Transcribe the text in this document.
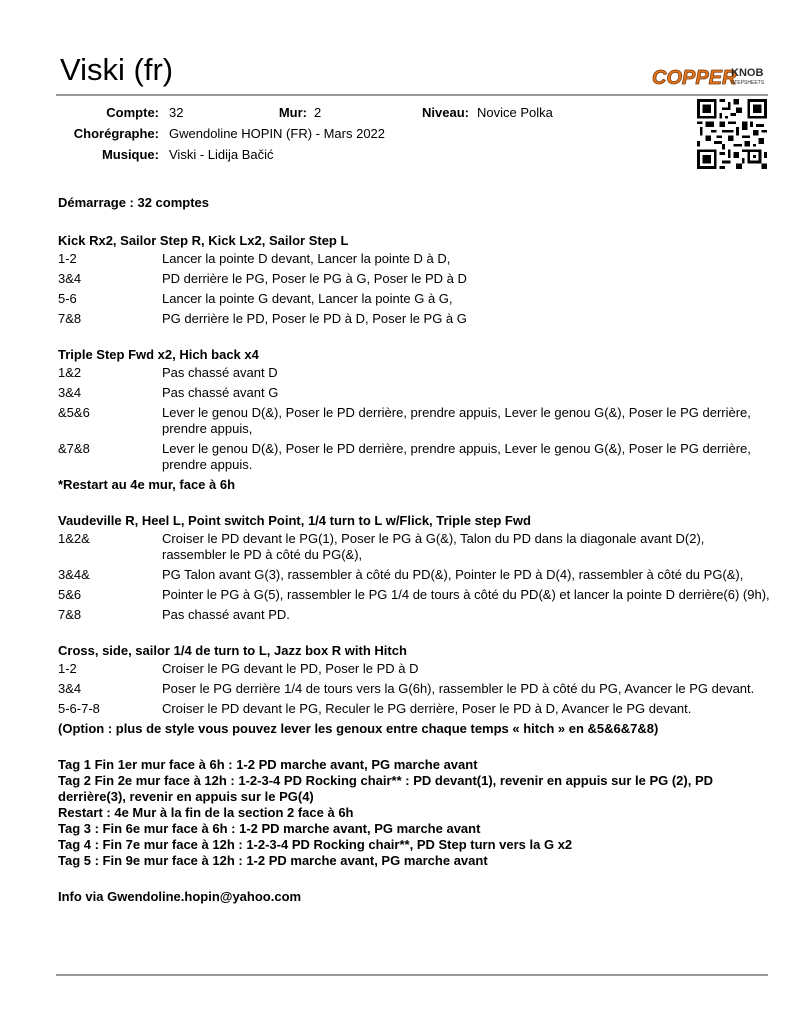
Viski (fr)	COPPER
KNOB
STEPSHEETS
Compte: 32	Mur: 2	Niveau: Novice Polka
Chorégraphe: Gwendoline HOPIN (FR) - Mars 2022
Musique: Viski - Lidija Bačić
Démarrage : 32 comptes
Kick Rx2, Sailor Step R, Kick Lx2, Sailor Step L
1-2	Lancer la pointe D devant, Lancer la pointe D à D,
3&4	PD derrière le PG, Poser le PG à G, Poser le PD à D
5-6	Lancer la pointe G devant, Lancer la pointe G à G,
7&8	PG derrière le PD, Poser le PD à D, Poser le PG à G
Triple Step Fwd x2, Hich back x4
1&2	Pas chassé avant D
3&4	Pas chassé avant G
&5&6	Lever le genou D(&), Poser le PD derrière, prendre appuis, Lever le genou G(&), Poser le PG derrière, prendre appuis,
&7&8	Lever le genou D(&), Poser le PD derrière, prendre appuis, Lever le genou G(&), Poser le PG derrière, prendre appuis.
*Restart au 4e mur, face à 6h
Vaudeville R, Heel L, Point switch Point, 1/4 turn to L w/Flick, Triple step Fwd
1&2&	Croiser le PD devant le PG(1), Poser le PG à G(&), Talon du PD dans la diagonale avant D(2), rassembler le PD à côté du PG(&),
3&4&	PG Talon avant G(3), rassembler à côté du PD(&), Pointer le PD à D(4), rassembler à côté du PG(&),
5&6	Pointer le PG à G(5), rassembler le PG 1/4 de tours à côté du PD(&) et lancer la pointe D derrière(6) (9h),
7&8	Pas chassé avant PD.
Cross, side, sailor 1/4 de turn to L, Jazz box R with Hitch
1-2	Croiser le PG devant le PD, Poser le PD à D
3&4	Poser le PG derrière 1/4 de tours vers la G(6h), rassembler le PD à côté du PG, Avancer le PG devant.
5-6-7-8	Croiser le PD devant le PG, Reculer le PG derrière, Poser le PD à D, Avancer le PG devant.
(Option : plus de style vous pouvez lever les genoux entre chaque temps « hitch » en &5&6&7&8)
Tag 1 Fin 1er mur face à 6h : 1-2 PD marche avant, PG marche avant
Tag 2 Fin 2e mur face à 12h : 1-2-3-4 PD Rocking chair** : PD devant(1), revenir en appuis sur le PG (2), PD derrière(3), revenir en appuis sur le PG(4)
Restart : 4e Mur à la fin de la section 2 face à 6h
Tag 3 : Fin 6e mur face à 6h : 1-2 PD marche avant, PG marche avant
Tag 4 : Fin 7e mur face à 12h : 1-2-3-4 PD Rocking chair**, PD Step turn vers la G x2
Tag 5 : Fin 9e mur face à 12h : 1-2 PD marche avant, PG marche avant
Info via Gwendoline.hopin@yahoo.com
